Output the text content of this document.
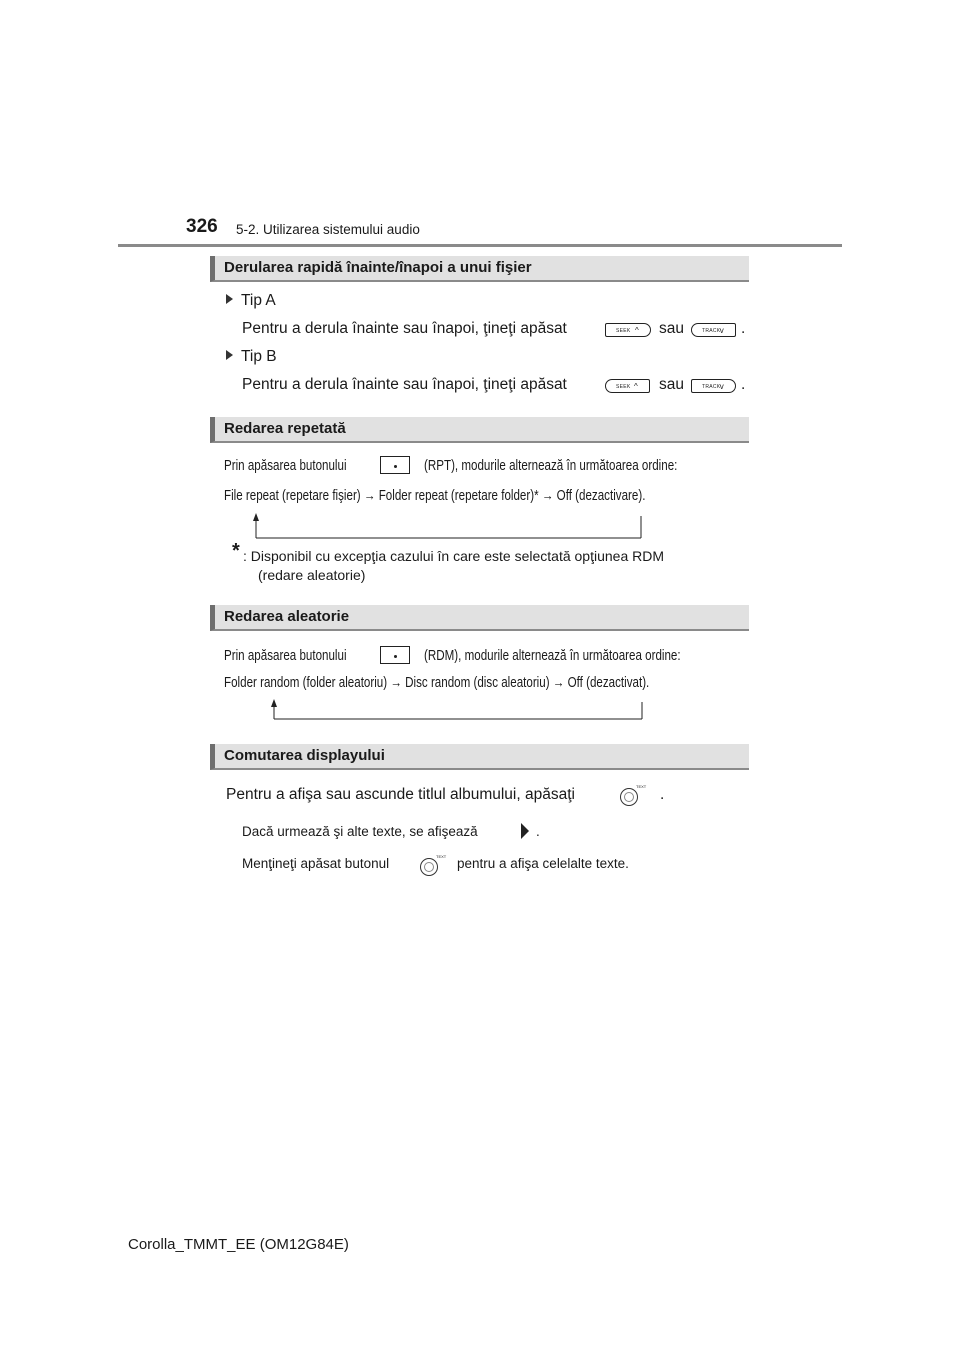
326 5-2. Utilizarea sistemului audio
Derularea rapidă înainte/înapoi a unui fişier
Tip A
Pentru a derula înainte sau înapoi, ţineţi apăsat	SEEK ^ sau	TRACK v .
Tip B
Pentru a derula înainte sau înapoi, ţineţi apăsat	SEEK ^ sau	TRACK v .
Redarea repetată
Prin apăsarea butonului	(RPT), modurile alternează în următoarea ordine:
File repeat (repetare fişier) → Folder repeat (repetare folder)* → Off (dezactivare).
* : Disponibil cu excepţia cazului în care este selectată opţiunea RDM
(redare aleatorie)
Redarea aleatorie
Prin apăsarea butonului	(RDM), modurile alternează în următoarea ordine:
Folder random (folder aleatoriu) → Disc random (disc aleatoriu) → Off (dezactivat).
Comutarea displayului
Pentru a afişa sau ascunde titlul albumului, apăsaţi	TEXT .
Dacă urmează şi alte texte, se afişează	.
Menţineţi apăsat butonul	TEXT pentru a afişa celelalte texte.
Corolla_TMMT_EE (OM12G84E)
